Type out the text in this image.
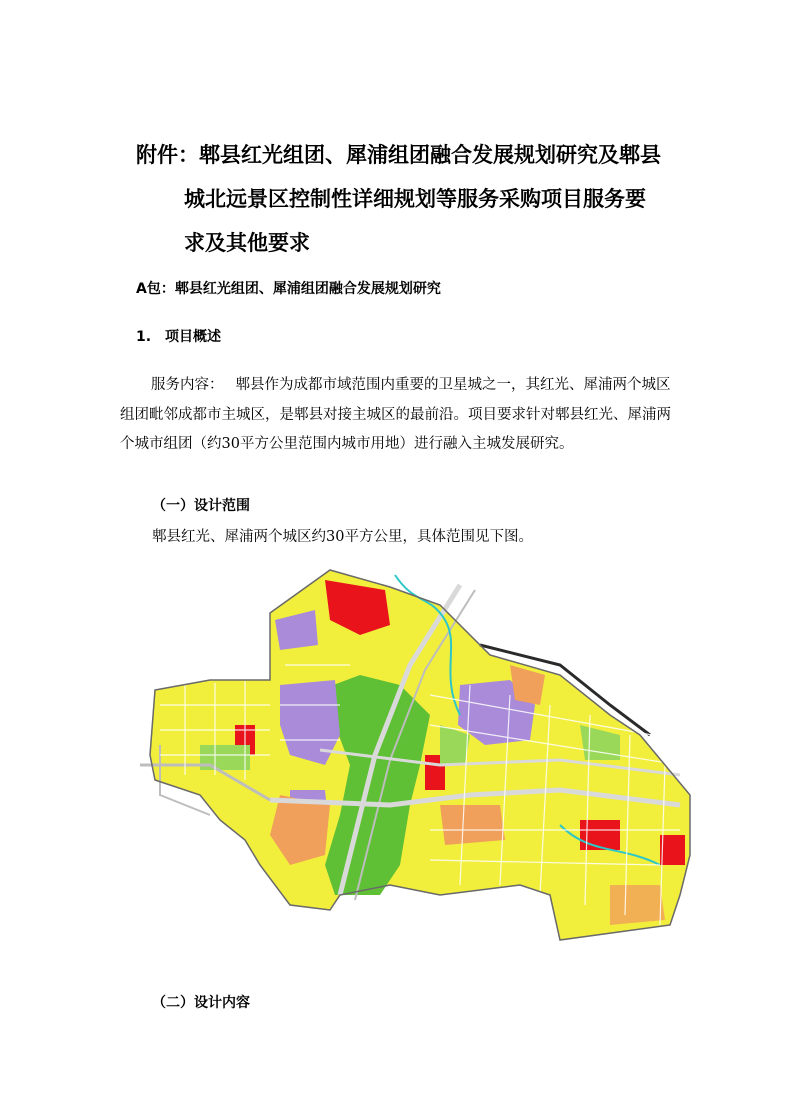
附件：郫县红光组团、犀浦组团融合发展规划研究及郫县
城北远景区控制性详细规划等服务采购项目服务要
求及其他要求
A包：郫县红光组团、犀浦组团融合发展规划研究
1.　项目概述
服务内容： 郫县作为成都市域范围内重要的卫星城之一，其红光、犀浦两个城区组团毗邻成都市主城区，是郫县对接主城区的最前沿。项目要求针对郫县红光、犀浦两个城市组团（约30平方公里范围内城市用地）进行融入主城发展研究。
（一）设计范围
郫县红光、犀浦两个城区约30平方公里，具体范围见下图。
（二）设计内容
